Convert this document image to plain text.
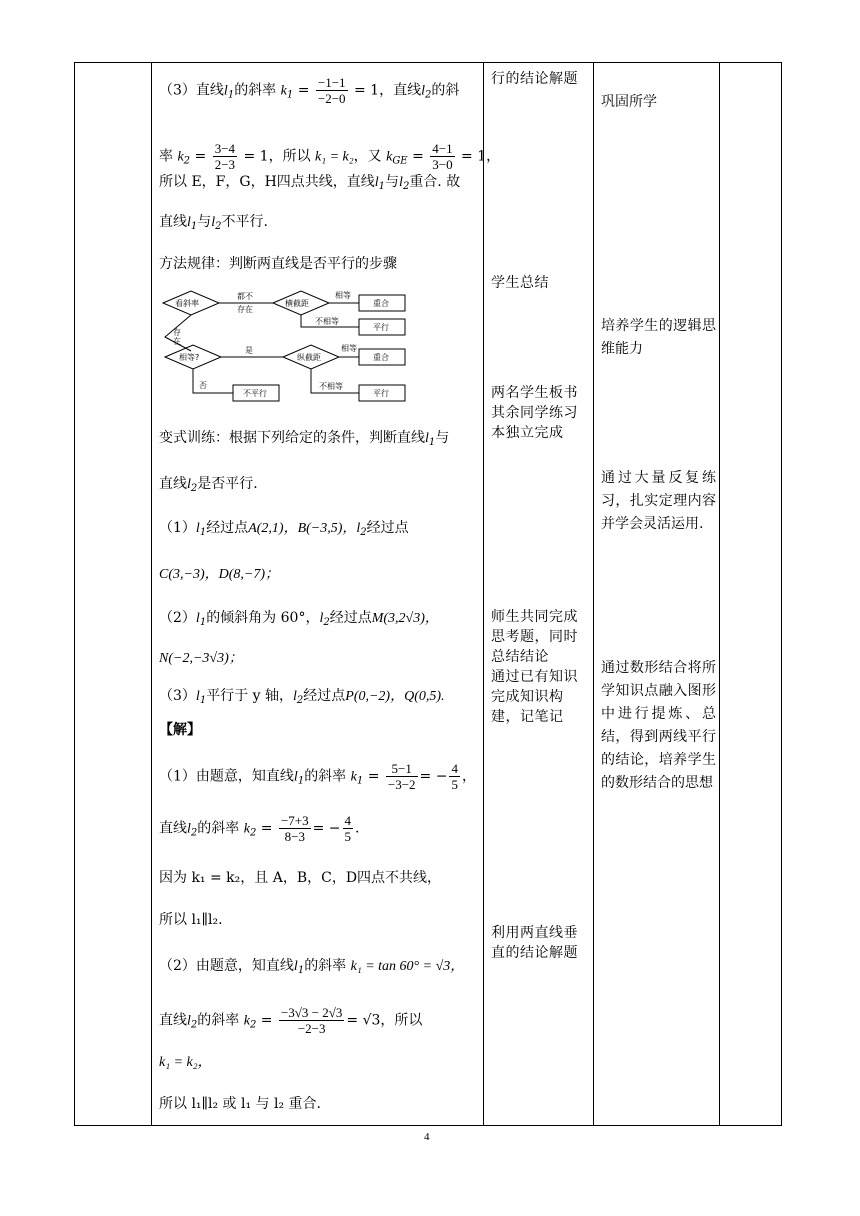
（3）直线$l_1$的斜率 $k_1 = \frac{-1-1}{-2-0} = 1$，直线$l_2$的斜
率 $k_2 = \frac{3-4}{2-3} = 1$，所以 k₁ = k₂，又 $k_{GE} = \frac{4-1}{3-0} = 1$，
所以 E，F，G，H四点共线，直线$l_1$与$l_2$重合. 故
直线$l_1$与$l_2$不平行.
方法规律：判断两直线是否平行的步骤
看斜率
都不
存在
横截距
相等
重合
不相等
平行
存
在
相等?
是
纵截距
相等
重合
否
不平行
不相等
平行
变式训练：根据下列给定的条件，判断直线$l_1$与
直线$l_2$是否平行.
$(1)l_1$经过点A(2,1)，B(−3,5)，$l_2$经过点
C(3,−3)，D(8,−7)；
$(2)l_1$的倾斜角为 60°，$l_2$经过点M(3,2√3)，
N(−2,−3√3)；
$(3)l_1$平行于 y 轴，$l_2$经过点P(0,−2)，Q(0,5).
【解】
（1）由题意，知直线$l_1$的斜率 $k_1 = \frac{5-1}{-3-2}$ = − $\frac{4}{5}$ ，
直线$l_2$的斜率 $k_2 = \frac{-7+3}{8-3}$ = − $\frac{4}{5}$ .
因为 k₁ = k₂，且 A，B，C，D四点不共线，
所以 l₁∥l₂.
（2）由题意，知直线$l_1$的斜率 k₁ = tan 60° = √3，
直线$l_2$的斜率 $k_2 = \frac{-3√3 - 2√3}{-2-3} = √3$，所以
k₁ = k₂，
所以 l₁∥l₂ 或 l₁ 与 l₂ 重合.
行的结论解题
学生总结
两名学生板书其余同学练习本独立完成
师生共同完成思考题，同时总结结论
通过已有知识完成知识构建，记笔记
利用两直线垂直的结论解题
巩固所学
培养学生的逻辑思维能力
通过大量反复练习，扎实定理内容并学会灵活运用.
通过数形结合将所学知识点融入图形中进行提炼、总结，得到两线平行的结论，培养学生的数形结合的思想
4
